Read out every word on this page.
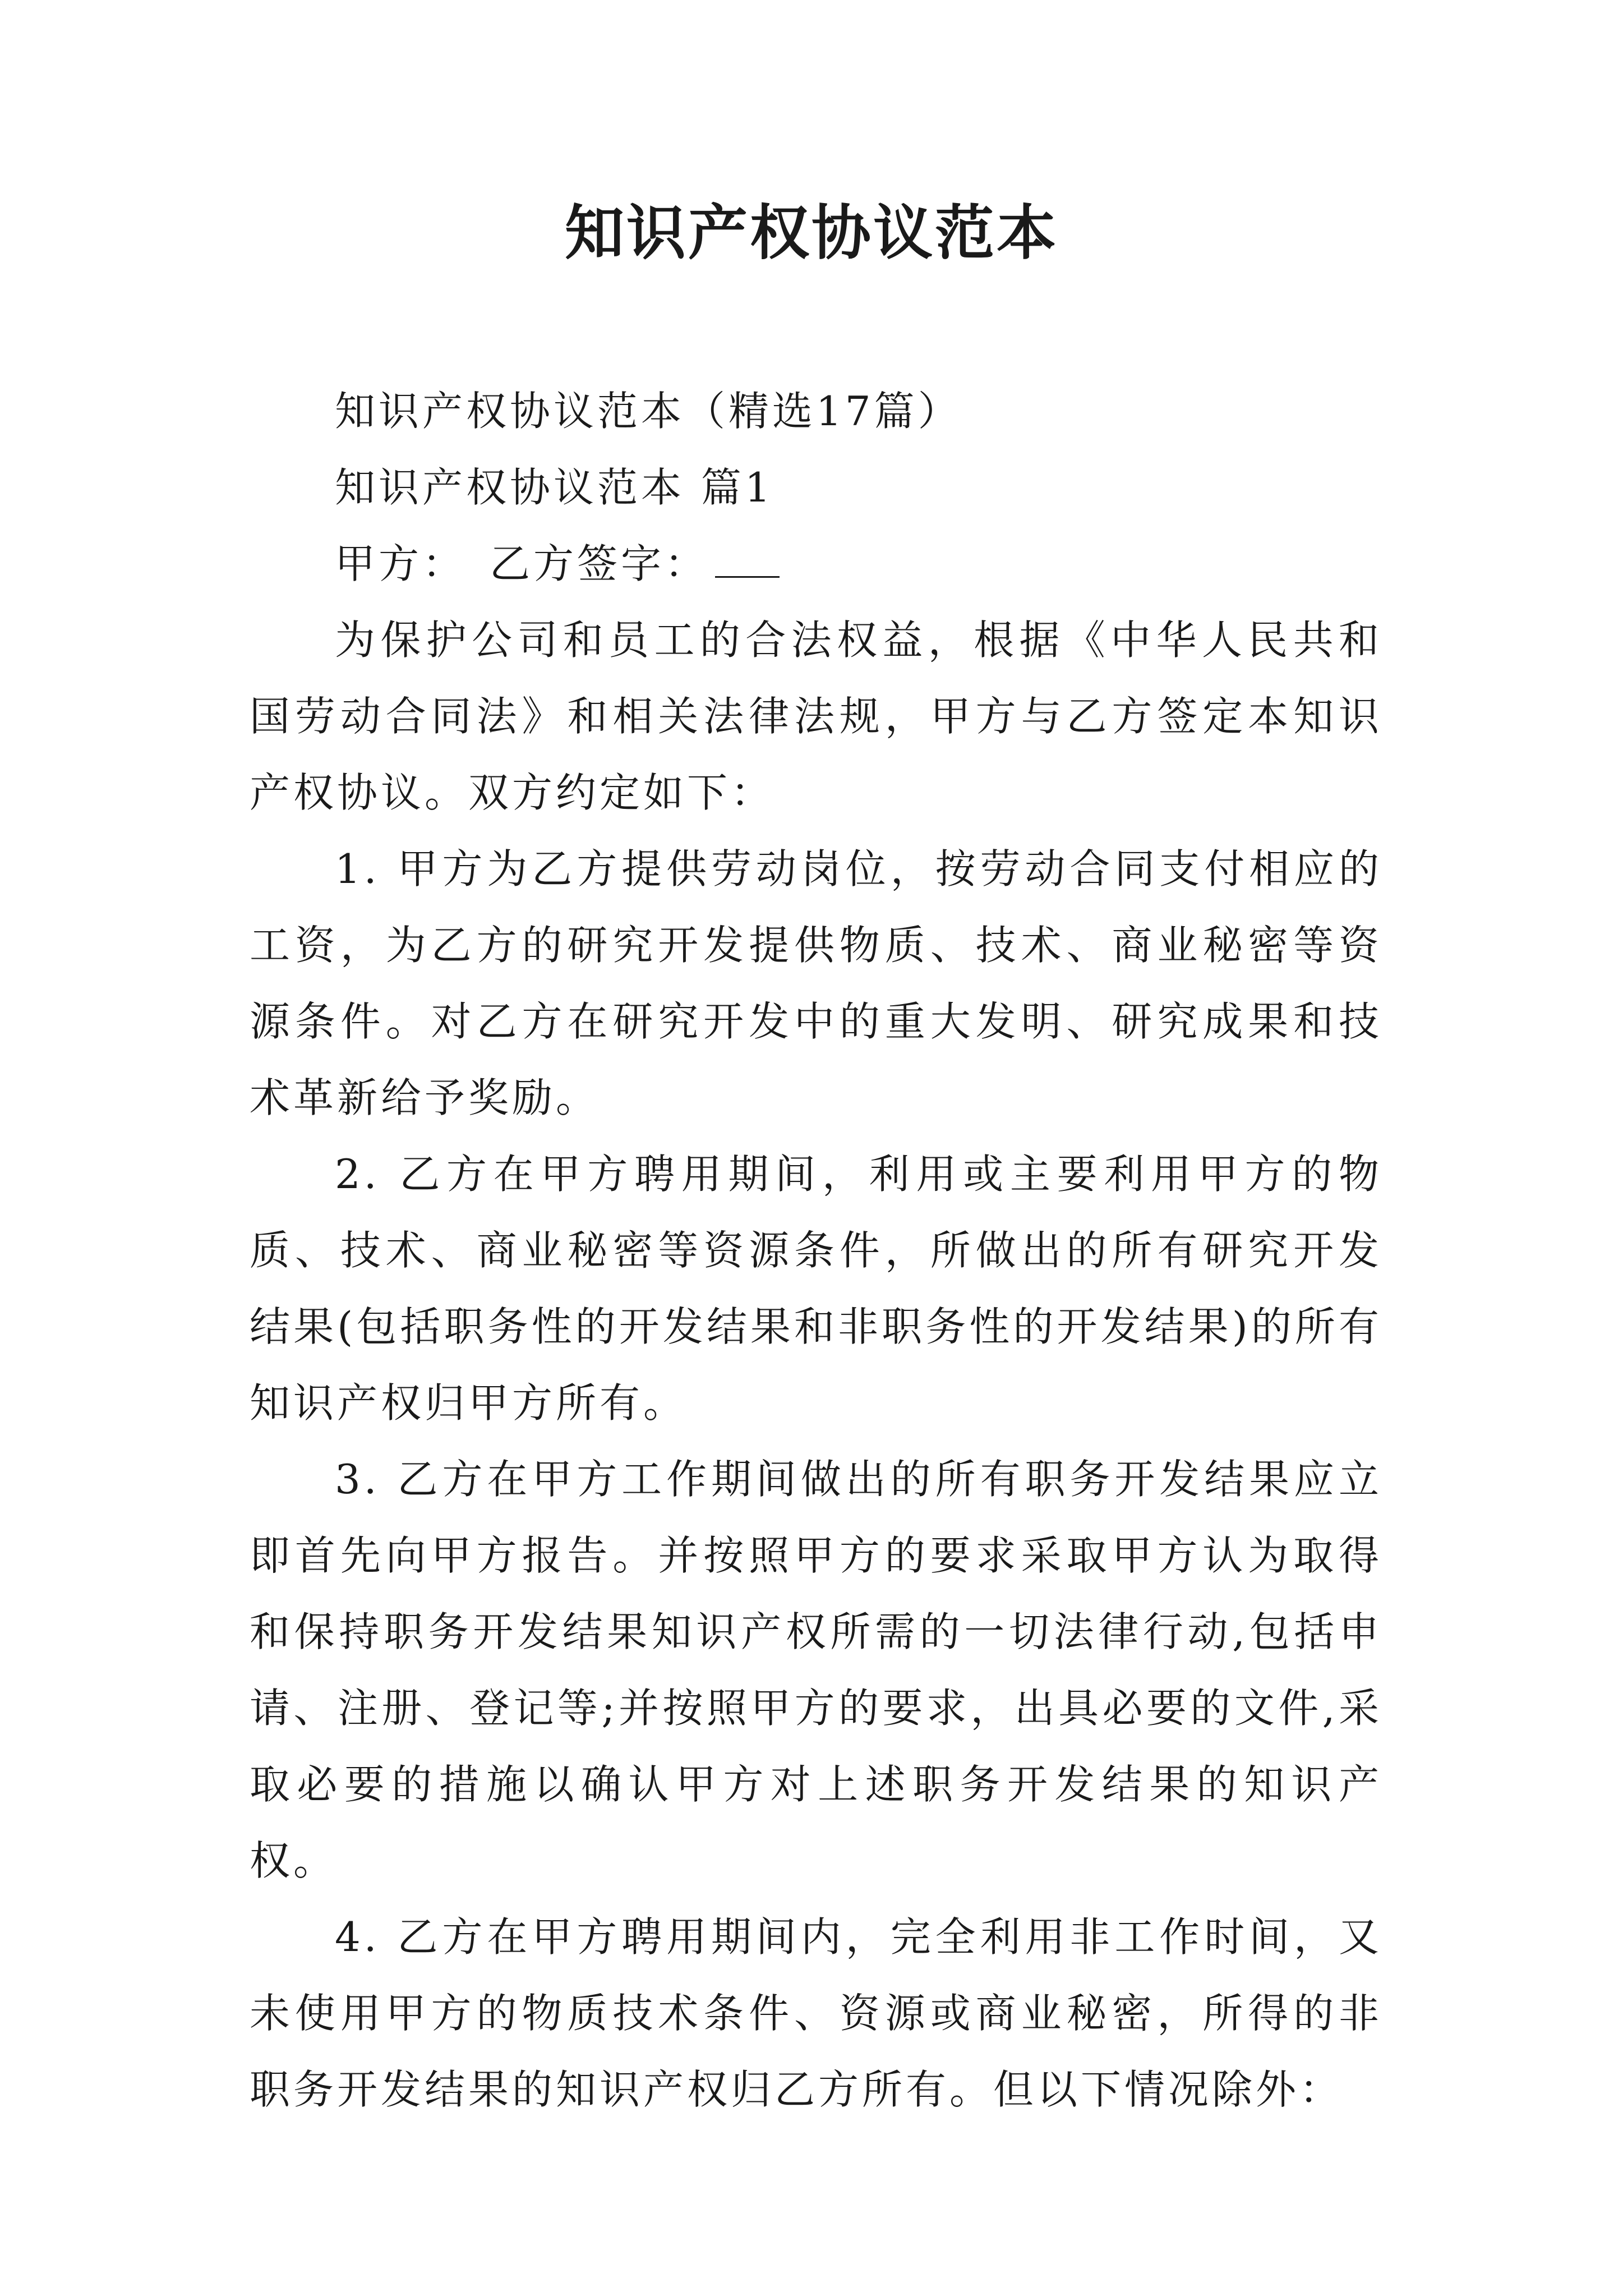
知识产权协议范本

知识产权协议范本（精选17篇）

知识产权协议范本 篇1

甲方：　 乙方签字：

为保护公司和员工的合法权益，根据《中华人民共和国劳动合同法》和相关法律法规，甲方与乙方签定本知识产权协议。双方约定如下：

1. 甲方为乙方提供劳动岗位，按劳动合同支付相应的工资，为乙方的研究开发提供物质、技术、商业秘密等资源条件。对乙方在研究开发中的重大发明、研究成果和技术革新给予奖励。

2. 乙方在甲方聘用期间，利用或主要利用甲方的物质、技术、商业秘密等资源条件，所做出的所有研究开发结果(包括职务性的开发结果和非职务性的开发结果)的所有知识产权归甲方所有。

3. 乙方在甲方工作期间做出的所有职务开发结果应立即首先向甲方报告。并按照甲方的要求采取甲方认为取得和保持职务开发结果知识产权所需的一切法律行动,包括申请、注册、登记等;并按照甲方的要求，出具必要的文件,采取必要的措施以确认甲方对上述职务开发结果的知识产权。

4. 乙方在甲方聘用期间内，完全利用非工作时间，又未使用甲方的物质技术条件、资源或商业秘密，所得的非职务开发结果的知识产权归乙方所有。但以下情况除外：
